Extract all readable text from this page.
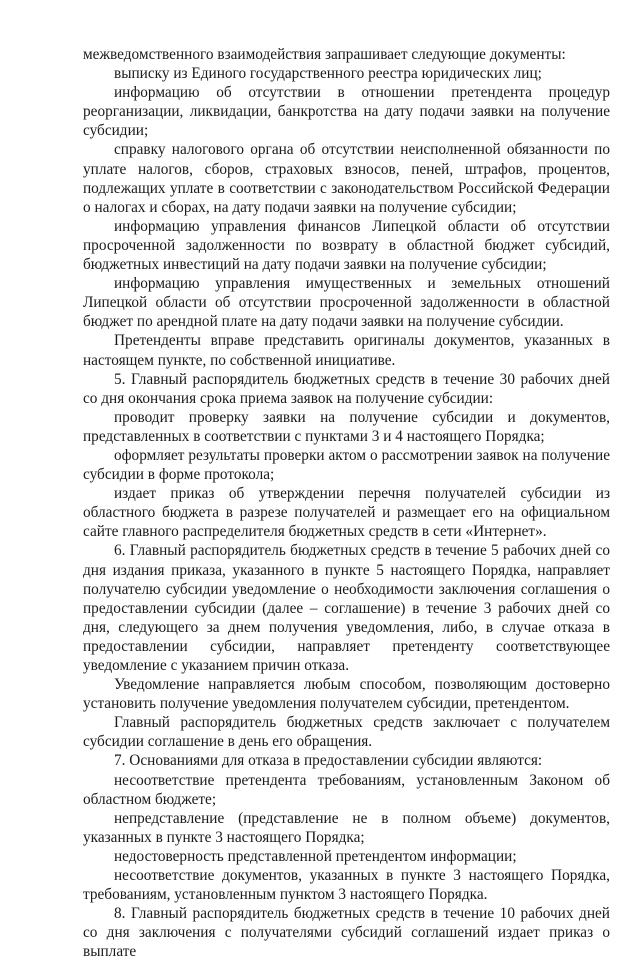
межведомственного взаимодействия запрашивает следующие документы:

выписку из Единого государственного реестра юридических лиц;

информацию об отсутствии в отношении претендента процедур реорганизации, ликвидации, банкротства на дату подачи заявки на получение субсидии;

справку налогового органа об отсутствии неисполненной обязанности по уплате налогов, сборов, страховых взносов, пеней, штрафов, процентов, подлежащих уплате в соответствии с законодательством Российской Федерации о налогах и сборах, на дату подачи заявки на получение субсидии;

информацию управления финансов Липецкой области об отсутствии просроченной задолженности по возврату в областной бюджет субсидий, бюджетных инвестиций на дату подачи заявки на получение субсидии;

информацию управления имущественных и земельных отношений Липецкой области об отсутствии просроченной задолженности в областной бюджет по арендной плате на дату подачи заявки на получение субсидии.

Претенденты вправе представить оригиналы документов, указанных в настоящем пункте, по собственной инициативе.

5. Главный распорядитель бюджетных средств в течение 30 рабочих дней со дня окончания срока приема заявок на получение субсидии:

проводит проверку заявки на получение субсидии и документов, представленных в соответствии с пунктами 3 и 4 настоящего Порядка;

оформляет результаты проверки актом о рассмотрении заявок на получение субсидии в форме протокола;

издает приказ об утверждении перечня получателей субсидии из областного бюджета в разрезе получателей и размещает его на официальном сайте главного распределителя бюджетных средств в сети «Интернет».

6. Главный распорядитель бюджетных средств в течение 5 рабочих дней со дня издания приказа, указанного в пункте 5 настоящего Порядка, направляет получателю субсидии уведомление о необходимости заключения соглашения о предоставлении субсидии (далее – соглашение) в течение 3 рабочих дней со дня, следующего за днем получения уведомления, либо, в случае отказа в предоставлении субсидии, направляет претенденту соответствующее уведомление с указанием причин отказа.

Уведомление направляется любым способом, позволяющим достоверно установить получение уведомления получателем субсидии, претендентом.

Главный распорядитель бюджетных средств заключает с получателем субсидии соглашение в день его обращения.

7. Основаниями для отказа в предоставлении субсидии являются:

несоответствие претендента требованиям, установленным Законом об областном бюджете;

непредставление (представление не в полном объеме) документов, указанных в пункте 3 настоящего Порядка;

недостоверность представленной претендентом информации;

несоответствие документов, указанных в пункте 3 настоящего Порядка, требованиям, установленным пунктом 3 настоящего Порядка.

8. Главный распорядитель бюджетных средств в течение 10 рабочих дней со дня заключения с получателями субсидий соглашений издает приказ о выплате
